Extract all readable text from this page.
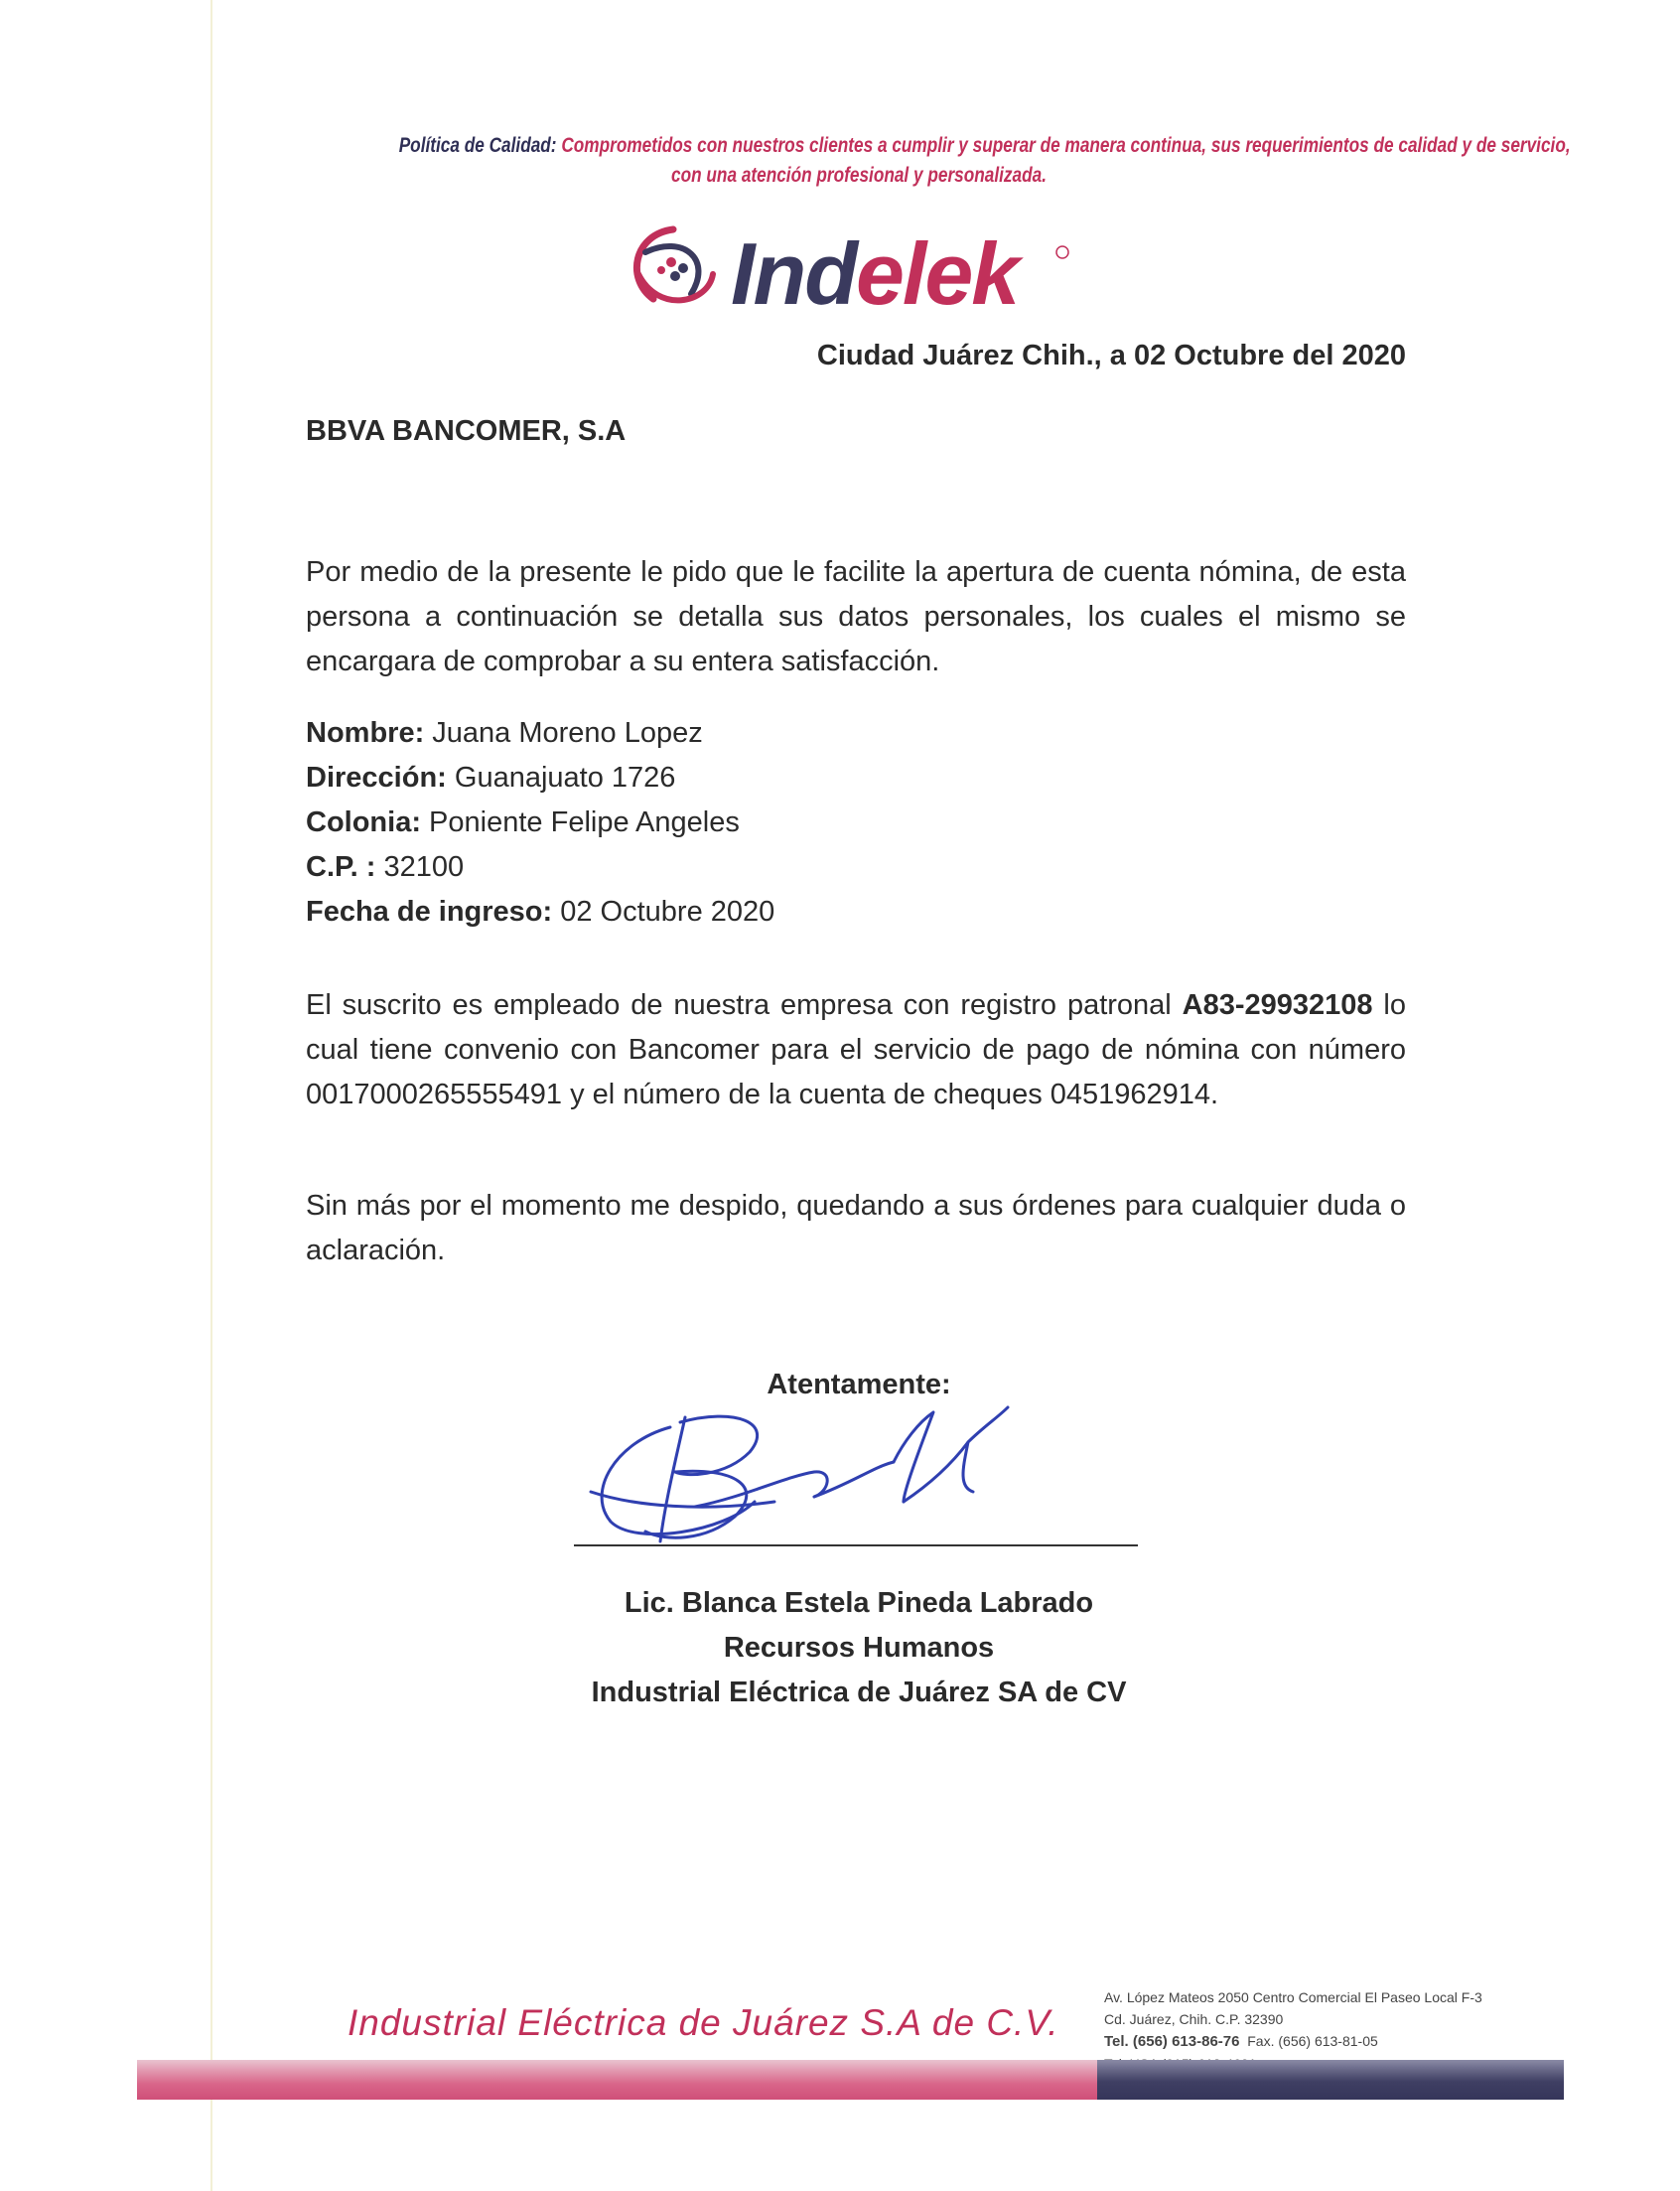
Política de Calidad: Comprometidos con nuestros clientes a cumplir y superar de manera continua, sus requerimientos de calidad y de servicio,
con una atención profesional y personalizada.
Indelek
Ciudad Juárez Chih., a 02 Octubre del 2020
BBVA BANCOMER, S.A
Por medio de la presente le pido que le facilite la apertura de cuenta nómina, de esta persona a continuación se detalla sus datos personales, los cuales el mismo se encargara de comprobar a su entera satisfacción.
Nombre: Juana Moreno Lopez
Dirección: Guanajuato 1726
Colonia: Poniente Felipe Angeles
C.P. : 32100
Fecha de ingreso: 02 Octubre 2020
El suscrito es empleado de nuestra empresa con registro patronal A83-29932108 lo cual tiene convenio con Bancomer para el servicio de pago de nómina con número 0017000265555491 y el número de la cuenta de cheques 0451962914.
Sin más por el momento me despido, quedando a sus órdenes para cualquier duda o aclaración.
Atentamente:
Lic. Blanca Estela Pineda Labrado
Recursos Humanos
Industrial Eléctrica de Juárez SA de CV
Industrial Eléctrica de Juárez S.A de C.V.
Av. López Mateos 2050 Centro Comercial El Paseo Local F-3
Cd. Juárez, Chih. C.P. 32390
Tel. (656) 613-86-76 Fax. (656) 613-81-05
